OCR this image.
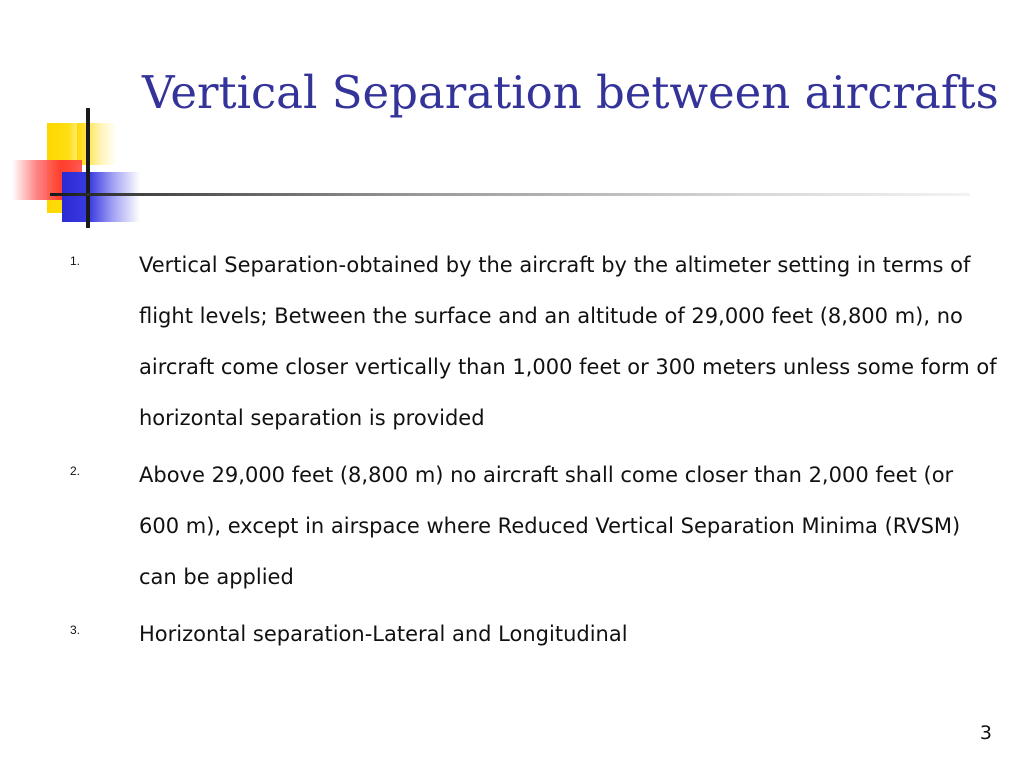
Vertical Separation between aircrafts
1.	Vertical Separation-obtained by the aircraft by the altimeter setting in terms of flight levels; Between the surface and an altitude of 29,000 feet (8,800 m), no aircraft come closer vertically than 1,000 feet or 300 meters unless some form of horizontal separation is provided
2.	Above 29,000 feet (8,800 m) no aircraft shall come closer than 2,000 feet (or 600 m), except in airspace where Reduced Vertical Separation Minima (RVSM) can be applied
3.	Horizontal separation-Lateral and Longitudinal
3
